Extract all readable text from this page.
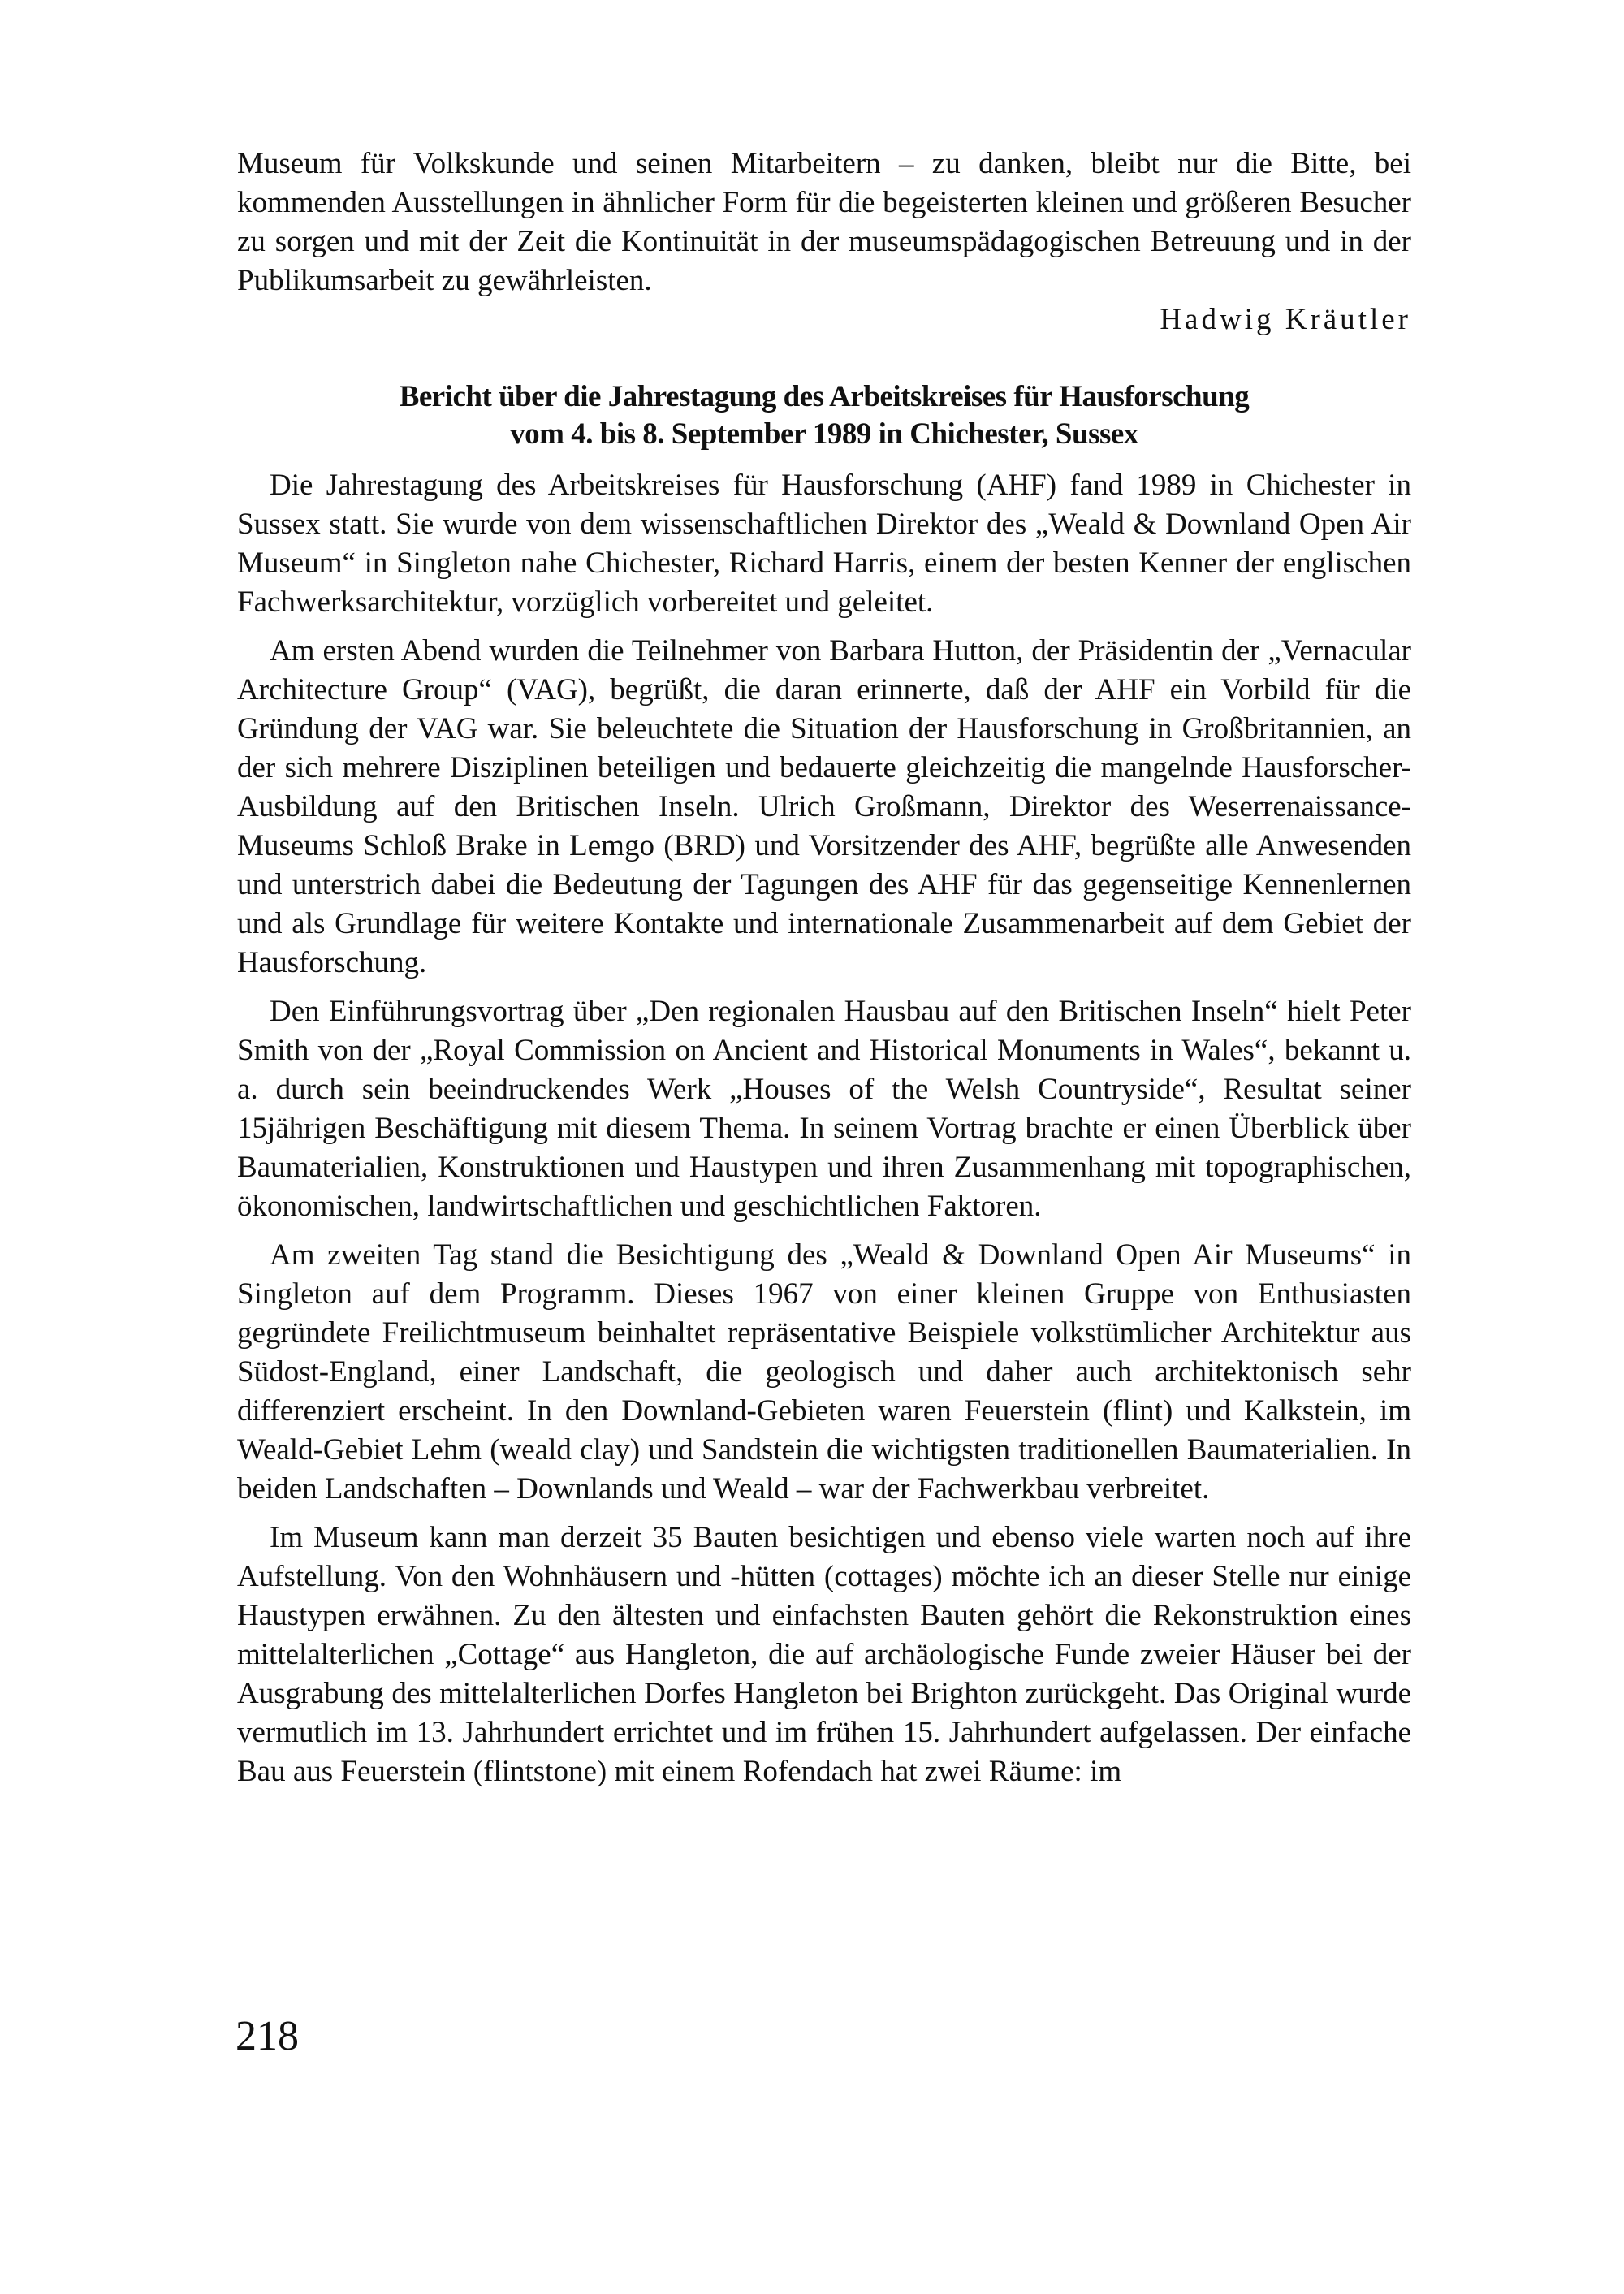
Museum für Volkskunde und seinen Mitarbeitern – zu danken, bleibt nur die Bitte, bei kommenden Ausstellungen in ähnlicher Form für die begeisterten kleinen und größeren Besucher zu sorgen und mit der Zeit die Kontinuität in der museumspädagogischen Betreuung und in der Publikumsarbeit zu gewährleisten.

Hadwig Kräutler
Bericht über die Jahrestagung des Arbeitskreises für Hausforschung
vom 4. bis 8. September 1989 in Chichester, Sussex

Die Jahrestagung des Arbeitskreises für Hausforschung (AHF) fand 1989 in Chichester in Sussex statt. Sie wurde von dem wissenschaftlichen Direktor des „Weald & Downland Open Air Museum“ in Singleton nahe Chichester, Richard Harris, einem der besten Kenner der englischen Fachwerksarchitektur, vorzüglich vorbereitet und geleitet.

Am ersten Abend wurden die Teilnehmer von Barbara Hutton, der Präsidentin der „Vernacular Architecture Group“ (VAG), begrüßt, die daran erinnerte, daß der AHF ein Vorbild für die Gründung der VAG war. Sie beleuchtete die Situation der Hausforschung in Großbritannien, an der sich mehrere Disziplinen beteiligen und bedauerte gleichzeitig die mangelnde Hausforscher-Ausbildung auf den Britischen Inseln. Ulrich Großmann, Direktor des Weserrenaissance-Museums Schloß Brake in Lemgo (BRD) und Vorsitzender des AHF, begrüßte alle Anwesenden und unterstrich dabei die Bedeutung der Tagungen des AHF für das gegenseitige Kennenlernen und als Grundlage für weitere Kontakte und internationale Zusammenarbeit auf dem Gebiet der Hausforschung.

Den Einführungsvortrag über „Den regionalen Hausbau auf den Britischen Inseln“ hielt Peter Smith von der „Royal Commission on Ancient and Historical Monuments in Wales“, bekannt u. a. durch sein beeindruckendes Werk „Houses of the Welsh Countryside“, Resultat seiner 15jährigen Beschäftigung mit diesem Thema. In seinem Vortrag brachte er einen Überblick über Baumaterialien, Konstruktionen und Haustypen und ihren Zusammenhang mit topographischen, ökonomischen, landwirtschaftlichen und geschichtlichen Faktoren.

Am zweiten Tag stand die Besichtigung des „Weald & Downland Open Air Museums“ in Singleton auf dem Programm. Dieses 1967 von einer kleinen Gruppe von Enthusiasten gegründete Freilichtmuseum beinhaltet repräsentative Beispiele volkstümlicher Architektur aus Südost-England, einer Landschaft, die geologisch und daher auch architektonisch sehr differenziert erscheint. In den Downland-Gebieten waren Feuerstein (flint) und Kalkstein, im Weald-Gebiet Lehm (weald clay) und Sandstein die wichtigsten traditionellen Baumaterialien. In beiden Landschaften – Downlands und Weald – war der Fachwerkbau verbreitet.

Im Museum kann man derzeit 35 Bauten besichtigen und ebenso viele warten noch auf ihre Aufstellung. Von den Wohnhäusern und -hütten (cottages) möchte ich an dieser Stelle nur einige Haustypen erwähnen. Zu den ältesten und einfachsten Bauten gehört die Rekonstruktion eines mittelalterlichen „Cottage“ aus Hangleton, die auf archäologische Funde zweier Häuser bei der Ausgrabung des mittelalterlichen Dorfes Hangleton bei Brighton zurückgeht. Das Original wurde vermutlich im 13. Jahrhundert errichtet und im frühen 15. Jahrhundert aufgelassen. Der einfache Bau aus Feuerstein (flintstone) mit einem Rofendach hat zwei Räume: im

218
